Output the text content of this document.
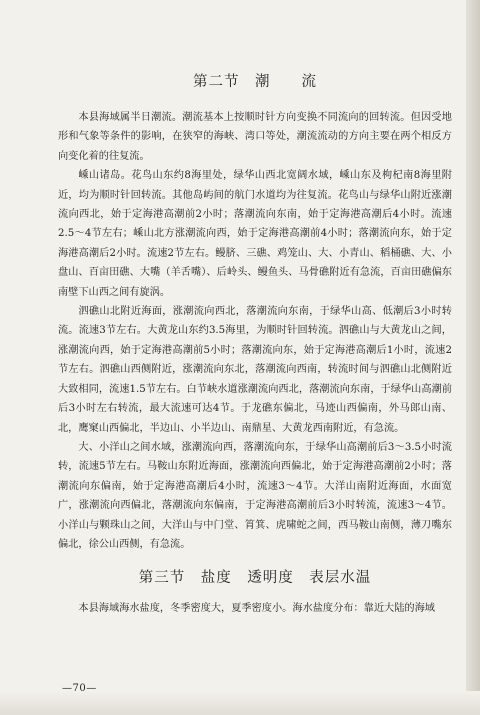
第二节　潮　　流

本县海域属半日潮流。潮流基本上按顺时针方向变换不同流向的回转流。但因受地形和气象等条件的影响，在狭窄的海峡、湾口等处，潮流流动的方向主要在两个相反方向变化着的往复流。

嵊山诸岛。花鸟山东约8海里处，绿华山西北宽阔水域，嵊山东及枸杞南8海里附近，均为顺时针回转流。其他岛屿间的航门水道均为往复流。花鸟山与绿华山附近涨潮流向西北，始于定海港高潮前2小时；落潮流向东南，始于定海港高潮后4小时。流速2.5～4节左右；嵊山北方涨潮流向西，始于定海港高潮前4小时；落潮流向东，始于定海港高潮后2小时。流速2节左右。鳗脐、三礁、鸡笼山、大、小青山、稻桶礁、大、小盘山、百亩田礁、大嘴（羊舌嘴）、后岭头、鳗鱼头、马骨礁附近有急流，百亩田礁偏东南壁下山西之间有旋涡。

泗礁山北附近海面，涨潮流向西北，落潮流向东南，于绿华山高、低潮后3小时转流。流速3节左右。大黄龙山东约3.5海里，为顺时针回转流。泗礁山与大黄龙山之间，涨潮流向西，始于定海港高潮前5小时；落潮流向东，始于定海港高潮后1小时，流速2节左右。泗礁山西侧附近，涨潮流向东北，落潮流向西南，转流时间与泗礁山北侧附近大致相同，流速1.5节左右。白节峡水道涨潮流向西北，落潮流向东南，于绿华山高潮前后3小时左右转流，最大流速可达4节。于龙礁东偏北，马迹山西偏南，外马郎山南、北，鹰窠山西偏北，半边山、小半边山、南鼎星、大黄龙西南附近，有急流。

大、小洋山之间水域，涨潮流向西，落潮流向东，于绿华山高潮前后3～3.5小时流转，流速5节左右。马鞍山东附近海面，涨潮流向西偏北，始于定海港高潮前2小时；落潮流向东偏南，始于定海港高潮后4小时，流速3～4节。大洋山南附近海面，水面宽广，涨潮流向西偏北，落潮流向东偏南，于定海港高潮前后3小时转流，流速3～4节。小洋山与颗珠山之间，大洋山与中门堂、筲箕、虎啸蛇之间，西马鞍山南侧，薄刀嘴东偏北，徐公山西侧，有急流。

第三节　盐度　透明度　表层水温

本县海域海水盐度，冬季密度大，夏季密度小。海水盐度分布：靠近大陆的海域

—70—
